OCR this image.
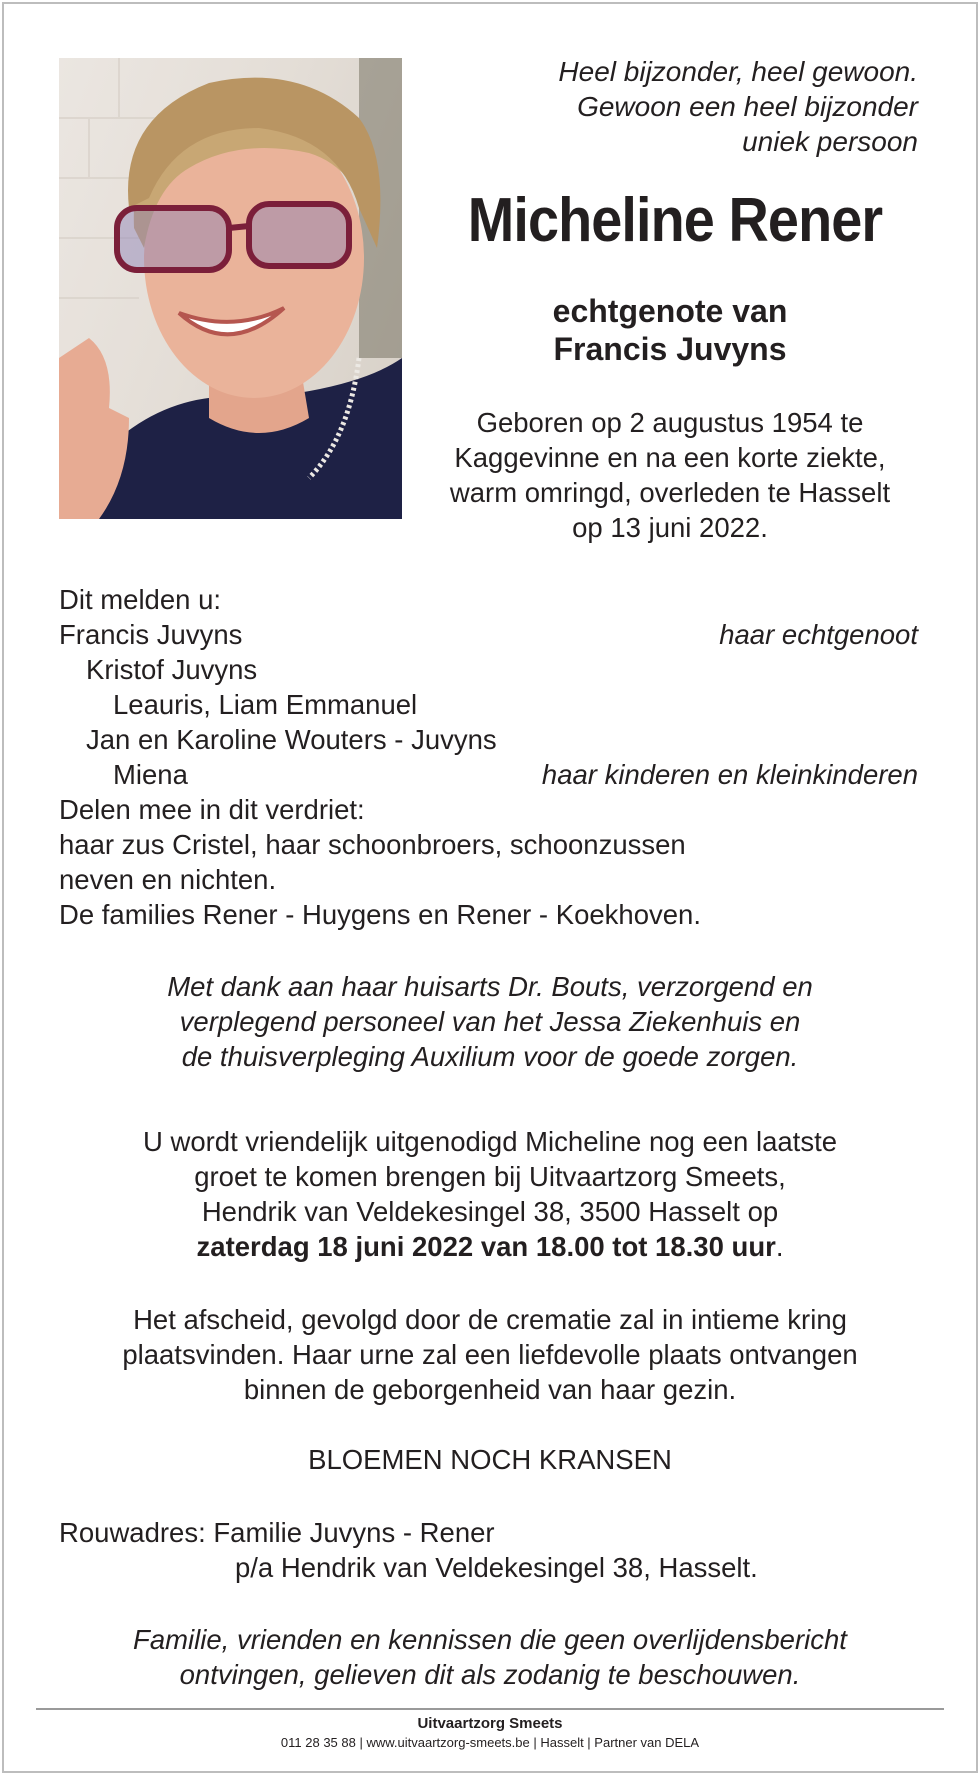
Heel bijzonder, heel gewoon.
Gewoon een heel bijzonder
uniek persoon
Micheline Rener
echtgenote van
Francis Juvyns
Geboren op 2 augustus 1954 te
Kaggevinne en na een korte ziekte,
warm omringd, overleden te Hasselt
op 13 juni 2022.
Dit melden u:
Francis Juvyns	haar echtgenoot
Kristof Juvyns
Leauris, Liam Emmanuel
Jan en Karoline Wouters - Juvyns
Miena	haar kinderen en kleinkinderen
Delen mee in dit verdriet:
haar zus Cristel, haar schoonbroers, schoonzussen
neven en nichten.
De families Rener - Huygens en Rener - Koekhoven.
Met dank aan haar huisarts Dr. Bouts, verzorgend en
verplegend personeel van het Jessa Ziekenhuis en
de thuisverpleging Auxilium voor de goede zorgen.
U wordt vriendelijk uitgenodigd Micheline nog een laatste
groet te komen brengen bij Uitvaartzorg Smeets,
Hendrik van Veldekesingel 38, 3500 Hasselt op
zaterdag 18 juni 2022 van 18.00 tot 18.30 uur.
Het afscheid, gevolgd door de crematie zal in intieme kring
plaatsvinden. Haar urne zal een liefdevolle plaats ontvangen
binnen de geborgenheid van haar gezin.
BLOEMEN NOCH KRANSEN
Rouwadres: Familie Juvyns - Rener
p/a Hendrik van Veldekesingel 38, Hasselt.
Familie, vrienden en kennissen die geen overlijdensbericht
ontvingen, gelieven dit als zodanig te beschouwen.
Uitvaartzorg Smeets
011 28 35 88 | www.uitvaartzorg-smeets.be | Hasselt | Partner van DELA
